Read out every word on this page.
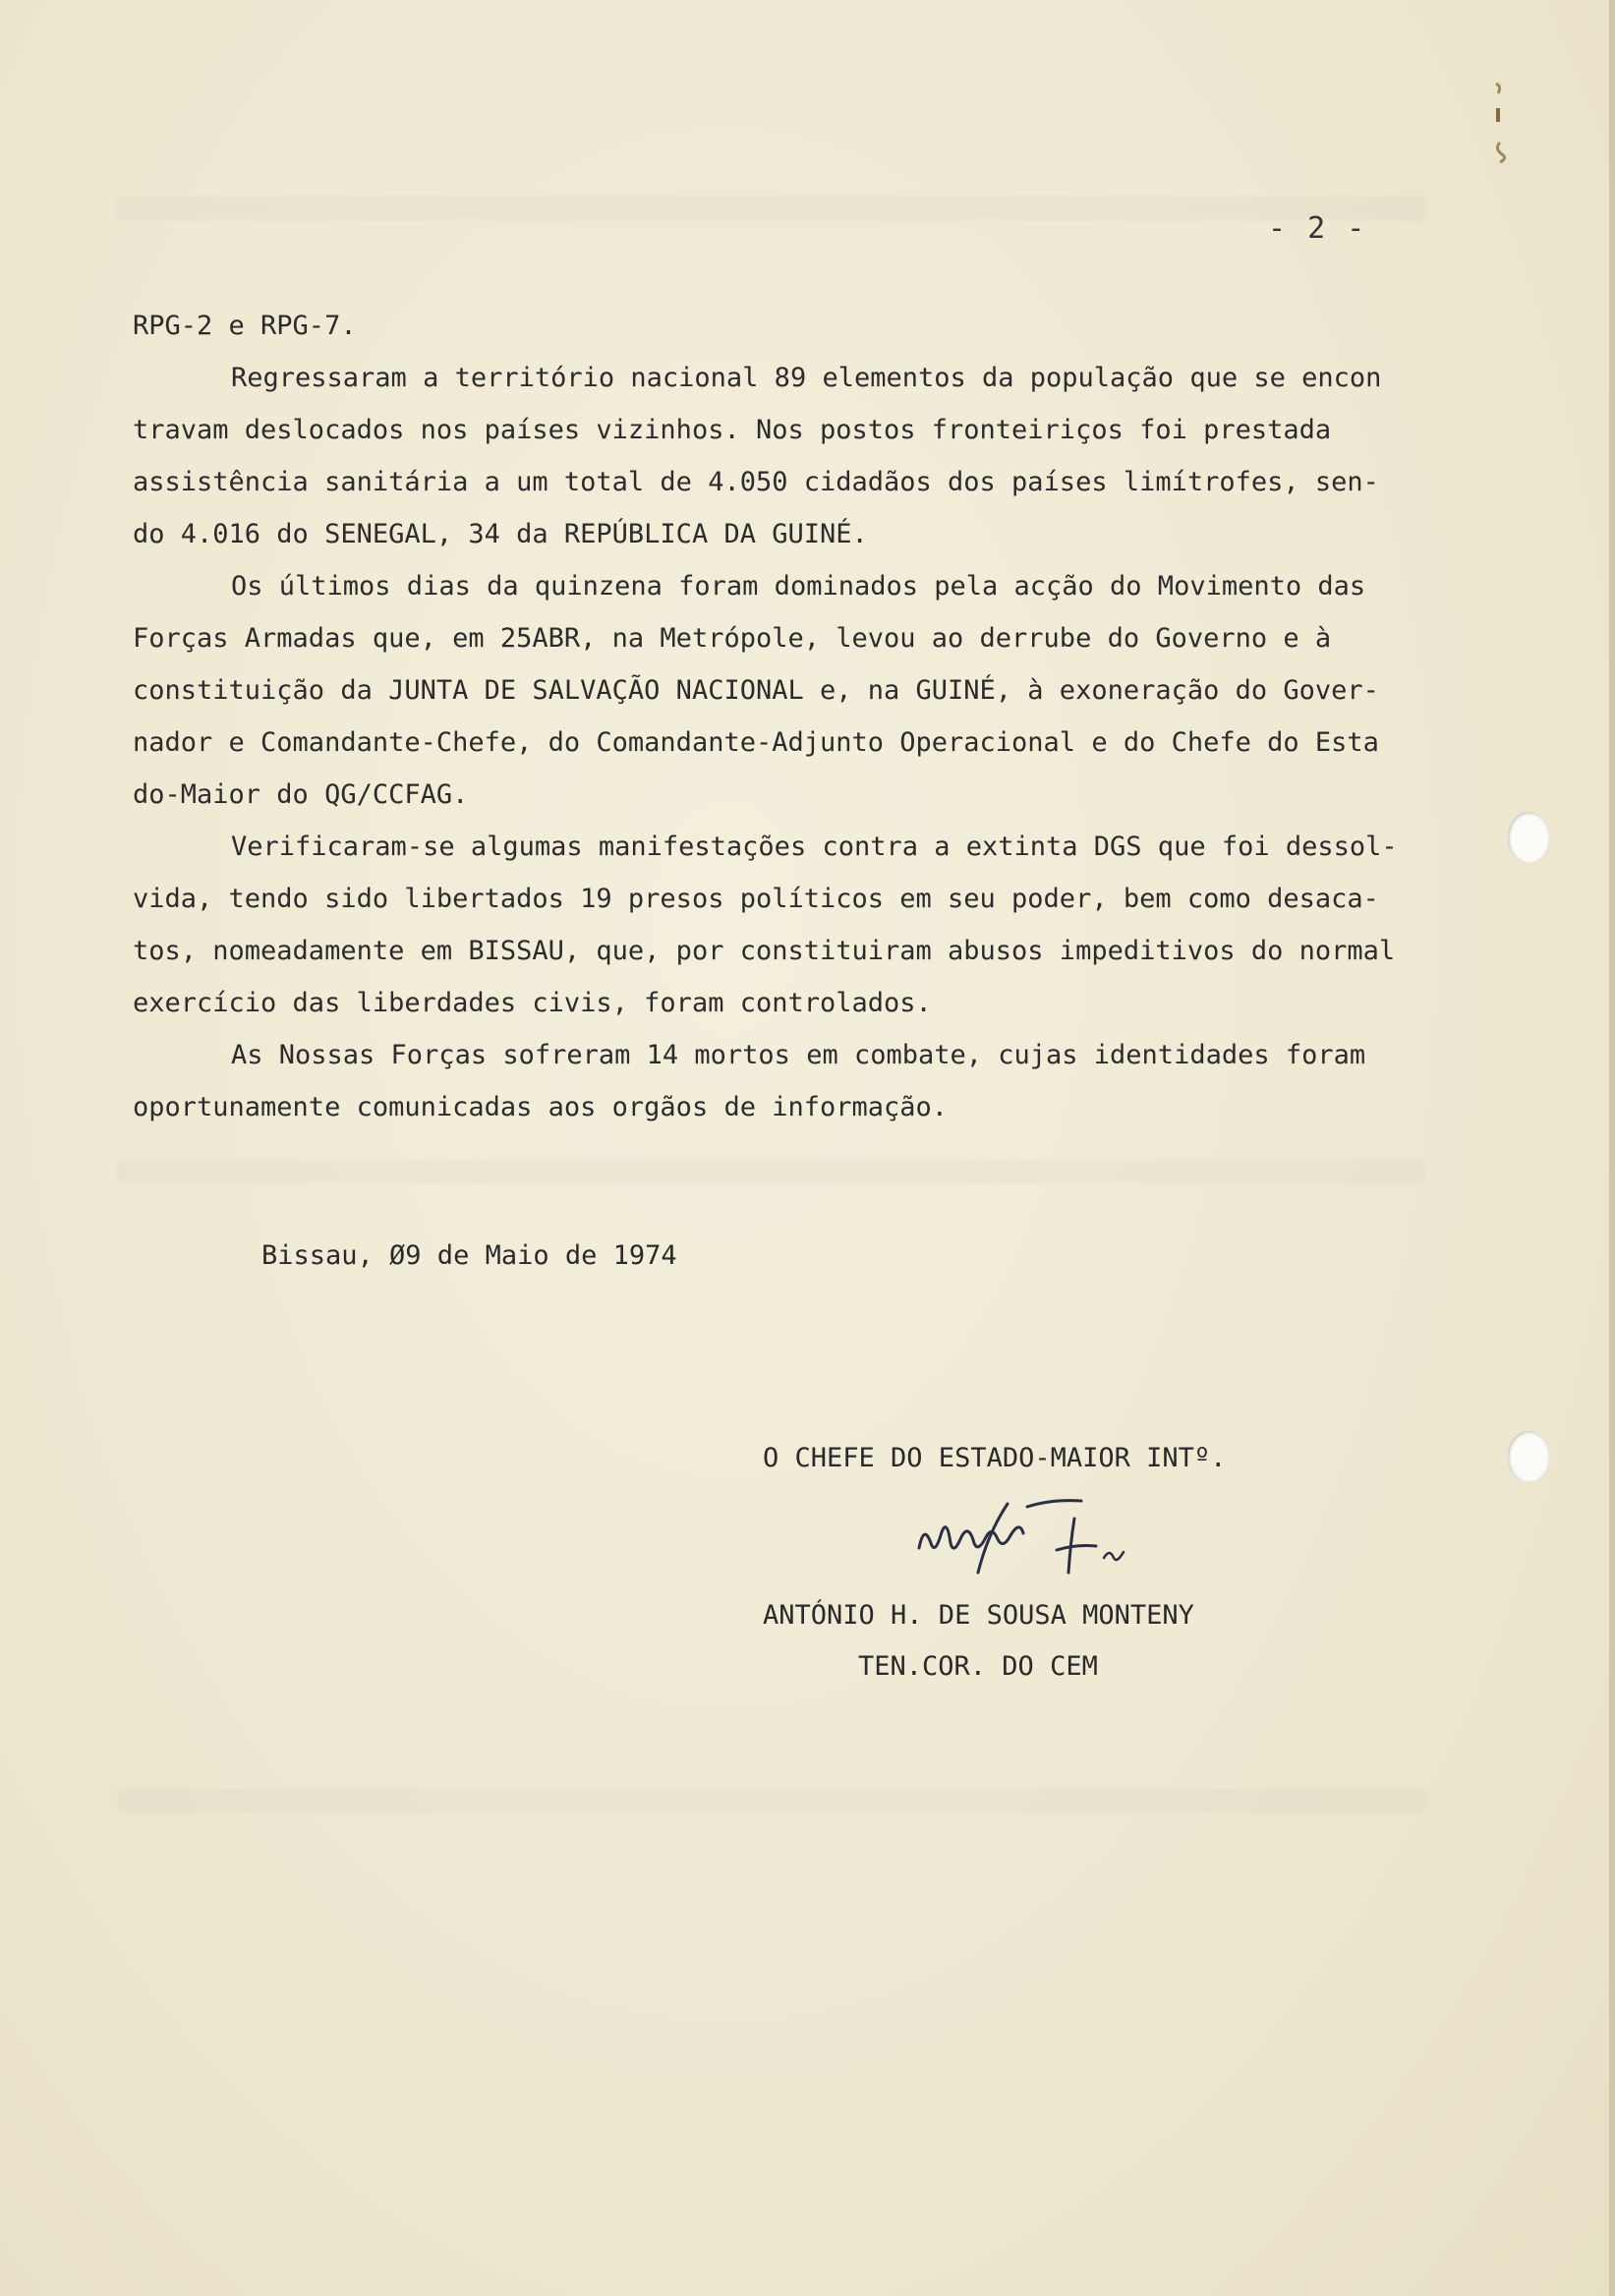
- 2 -
RPG-2 e RPG-7.
Regressaram a território nacional 89 elementos da população que se encon
travam deslocados nos países vizinhos. Nos postos fronteiriços foi prestada
assistência sanitária a um total de 4.050 cidadãos dos países limítrofes, sen-
do 4.016 do SENEGAL, 34 da REPÚBLICA DA GUINÉ.
Os últimos dias da quinzena foram dominados pela acção do Movimento das
Forças Armadas que, em 25ABR, na Metrópole, levou ao derrube do Governo e à
constituição da JUNTA DE SALVAÇÃO NACIONAL e, na GUINÉ, à exoneração do Gover-
nador e Comandante-Chefe, do Comandante-Adjunto Operacional e do Chefe do Esta
do-Maior do QG/CCFAG.
Verificaram-se algumas manifestações contra a extinta DGS que foi dessol-
vida, tendo sido libertados 19 presos políticos em seu poder, bem como desaca-
tos, nomeadamente em BISSAU, que, por constituiram abusos impeditivos do normal
exercício das liberdades civis, foram controlados.
As Nossas Forças sofreram 14 mortos em combate, cujas identidades foram
oportunamente comunicadas aos orgãos de informação.
Bissau, Ø9 de Maio de 1974
O CHEFE DO ESTADO-MAIOR INTº.
ANTÓNIO H. DE SOUSA MONTENY
TEN.COR. DO CEM
